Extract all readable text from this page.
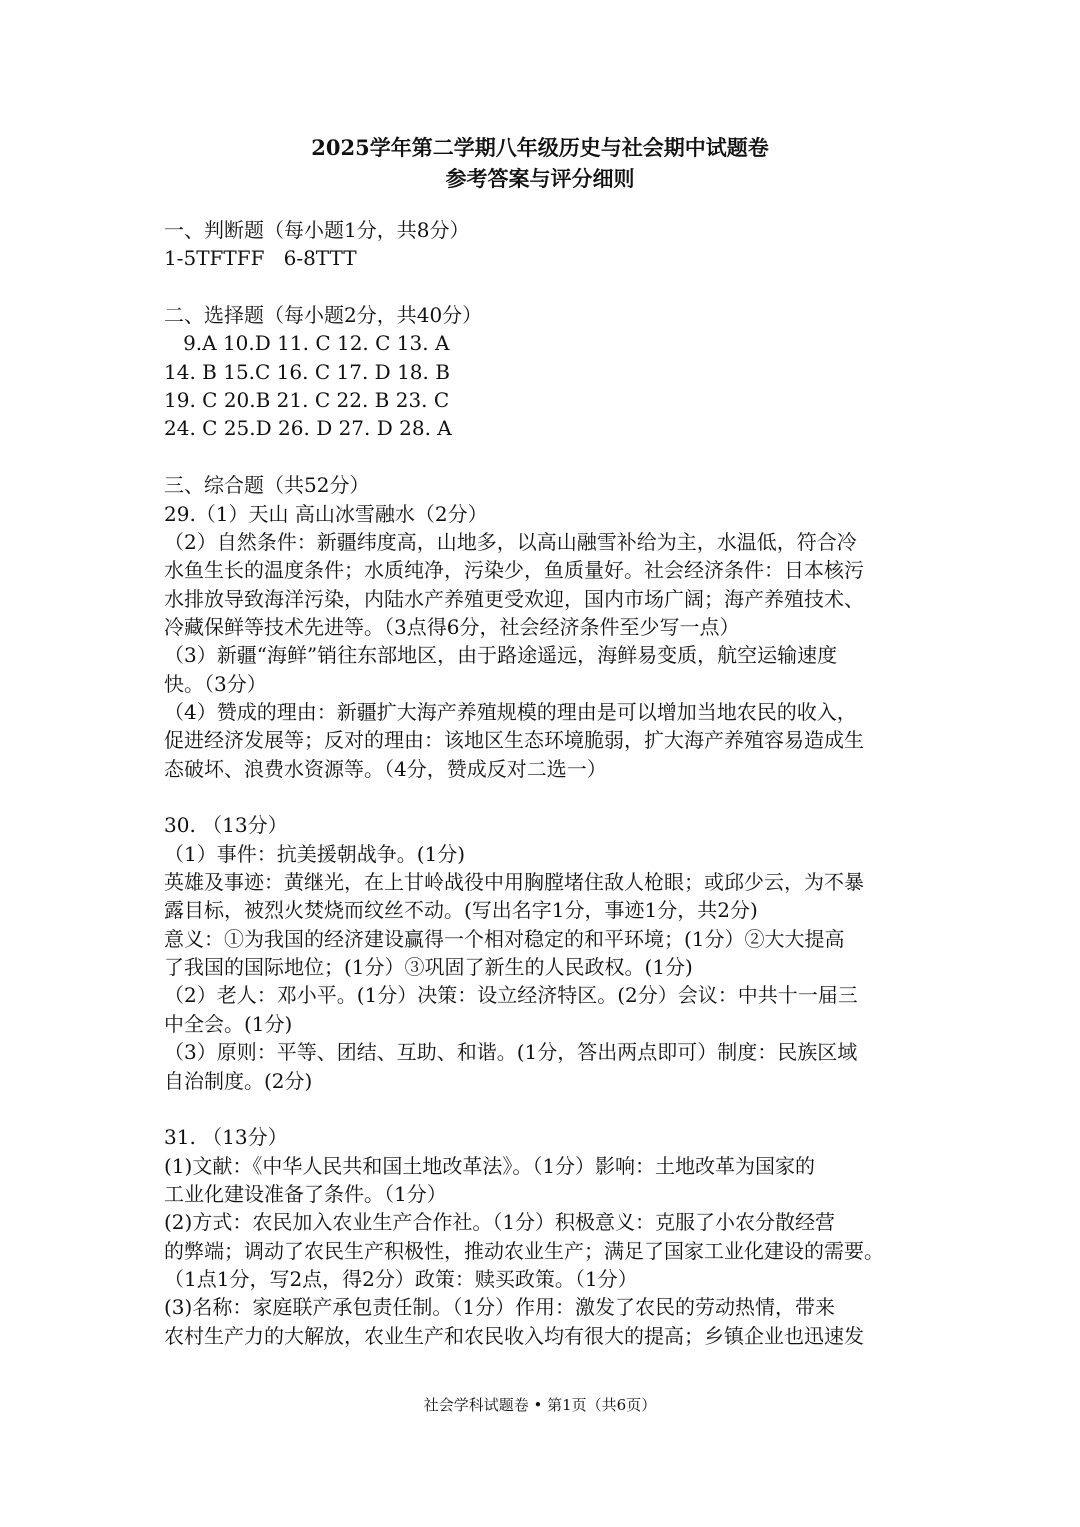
2025学年第二学期八年级历史与社会期中试题卷
参考答案与评分细则
一、判断题（每小题1分，共8分）
1-5TFTFF   6-8TTT
二、选择题（每小题2分，共40分）
9.A 10.D 11. C 12. C 13. A
14. B 15.C 16. C 17. D 18. B
19. C 20.B 21. C 22. B 23. C
24. C 25.D 26. D 27. D 28. A
三、综合题（共52分）
29.（1）天山 高山冰雪融水（2分）
（2）自然条件：新疆纬度高，山地多，以高山融雪补给为主，水温低，符合冷
水鱼生长的温度条件；水质纯净，污染少，鱼质量好。社会经济条件：日本核污
水排放导致海洋污染，内陆水产养殖更受欢迎，国内市场广阔；海产养殖技术、
冷藏保鲜等技术先进等。（3点得6分，社会经济条件至少写一点）
（3）新疆“海鲜”销往东部地区，由于路途遥远，海鲜易变质，航空运输速度
快。（3分）
（4）赞成的理由：新疆扩大海产养殖规模的理由是可以增加当地农民的收入，
促进经济发展等；反对的理由：该地区生态环境脆弱，扩大海产养殖容易造成生
态破坏、浪费水资源等。（4分，赞成反对二选一）
30. （13分）
（1）事件：抗美援朝战争。(1分)
英雄及事迹：黄继光，在上甘岭战役中用胸膛堵住敌人枪眼；或邱少云，为不暴
露目标，被烈火焚烧而纹丝不动。(写出名字1分，事迹1分，共2分)
意义：①为我国的经济建设赢得一个相对稳定的和平环境；(1分）②大大提高
了我国的国际地位；(1分）③巩固了新生的人民政权。(1分)
（2）老人：邓小平。(1分）决策：设立经济特区。(2分）会议：中共十一届三
中全会。(1分)
（3）原则：平等、团结、互助、和谐。(1分，答出两点即可）制度：民族区域
自治制度。(2分)
31. （13分）
(1)文献：《中华人民共和国土地改革法》。（1分）影响：土地改革为国家的
工业化建设准备了条件。（1分）
(2)方式：农民加入农业生产合作社。（1分）积极意义：克服了小农分散经营
的弊端；调动了农民生产积极性，推动农业生产；满足了国家工业化建设的需要。
（1点1分，写2点，得2分）政策：赎买政策。（1分）
(3)名称：家庭联产承包责任制。（1分）作用：激发了农民的劳动热情，带来
农村生产力的大解放，农业生产和农民收入均有很大的提高；乡镇企业也迅速发
社会学科试题卷 • 第1页（共6页）
